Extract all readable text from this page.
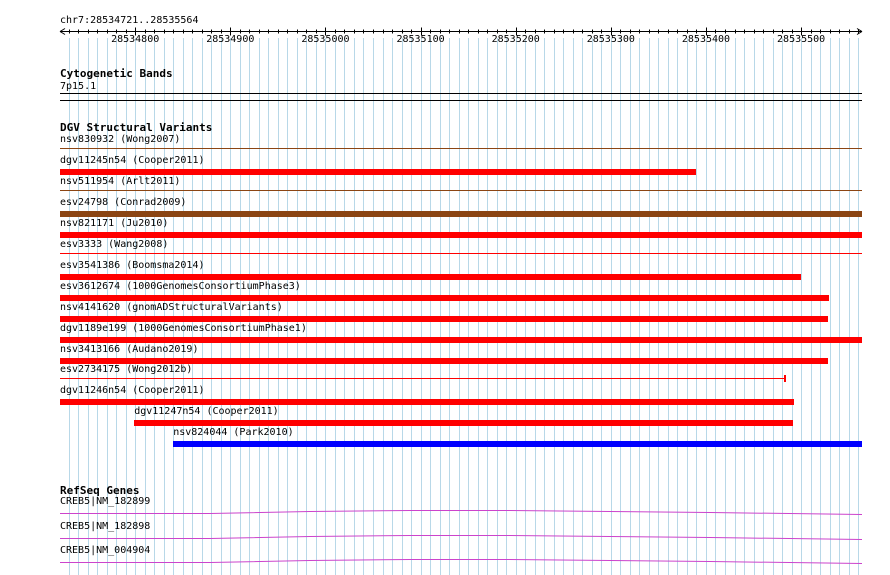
chr7:28534721..28535564
28534800	28534900	28535000	28535100	28535200	28535300	28535400	28535500
Cytogenetic Bands
7p15.1
DGV Structural Variants
nsv830932 (Wong2007)
dgv11245n54 (Cooper2011)
nsv511954 (Arlt2011)
esv24798 (Conrad2009)
nsv821171 (Ju2010)
esv3333 (Wang2008)
esv3541386 (Boomsma2014)
esv3612674 (1000GenomesConsortiumPhase3)
nsv4141620 (gnomADStructuralVariants)
dgv1189e199 (1000GenomesConsortiumPhase1)
nsv3413166 (Audano2019)
esv2734175 (Wong2012b)
dgv11246n54 (Cooper2011)
dgv11247n54 (Cooper2011)
nsv824044 (Park2010)
RefSeq Genes
CREB5|NM_182899
CREB5|NM_182898
CREB5|NM_004904
